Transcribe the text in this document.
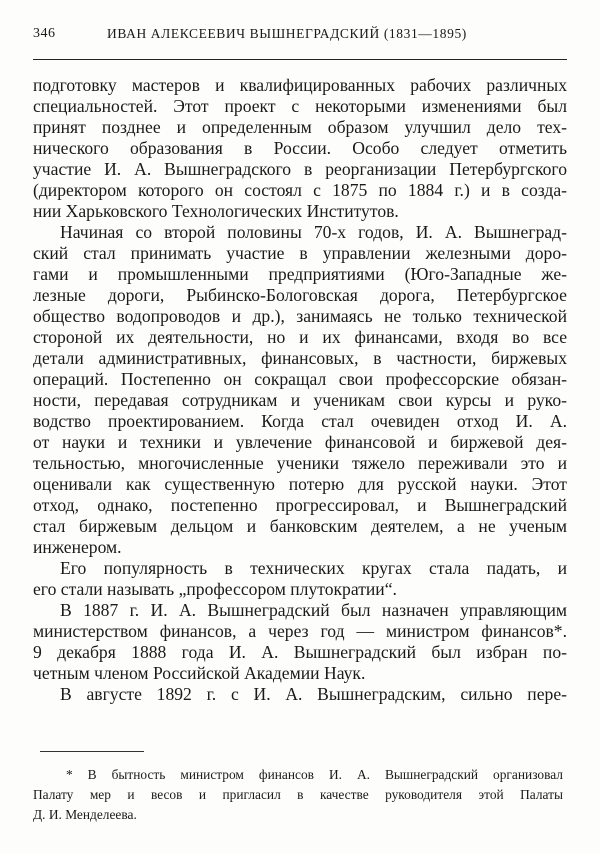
346	ИВАН АЛЕКСЕЕВИЧ ВЫШНЕГРАДСКИЙ (1831—1895)
подготовку мастеров и квалифицированных рабочих различных
специальностей. Этот проект с некоторыми изменениями был
принят позднее и определенным образом улучшил дело тех-
нического образования в России. Особо следует отметить
участие И. А. Вышнеградского в реорганизации Петербургского
(директором которого он состоял с 1875 по 1884 г.) и в созда-
нии Харьковского Технологических Институтов.
Начиная со второй половины 70-х годов, И. А. Вышнеград-
ский стал принимать участие в управлении железными доро-
гами и промышленными предприятиями (Юго-Западные же-
лезные дороги, Рыбинско-Бологовская дорога, Петербургское
общество водопроводов и др.), занимаясь не только технической
стороной их деятельности, но и их финансами, входя во все
детали административных, финансовых, в частности, биржевых
операций. Постепенно он сокращал свои профессорские обязан-
ности, передавая сотрудникам и ученикам свои курсы и руко-
водство проектированием. Когда стал очевиден отход И. А.
от науки и техники и увлечение финансовой и биржевой дея-
тельностью, многочисленные ученики тяжело переживали это и
оценивали как существенную потерю для русской науки. Этот
отход, однако, постепенно прогрессировал, и Вышнеградский
стал биржевым дельцом и банковским деятелем, а не ученым
инженером.
Его популярность в технических кругах стала падать, и
его стали называть „профессором плутократии“.
В 1887 г. И. А. Вышнеградский был назначен управляющим
министерством финансов, а через год — министром финансов*.
9 декабря 1888 года И. А. Вышнеградский был избран по-
четным членом Российской Академии Наук.
В августе 1892 г. с И. А. Вышнеградским, сильно пере-
* В бытность министром финансов И. А. Вышнеградский организовал
Палату мер и весов и пригласил в качестве руководителя этой Палаты
Д. И. Менделеева.
